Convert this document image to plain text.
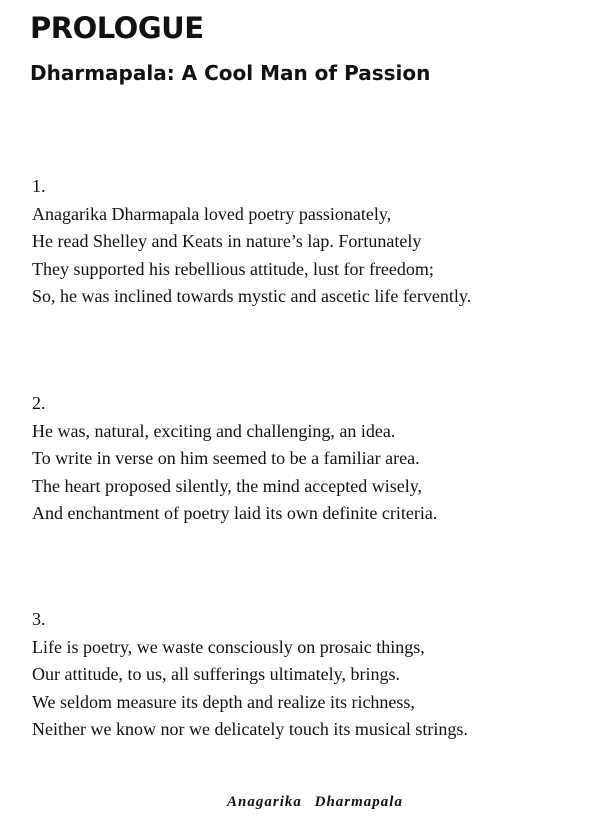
PROLOGUE
Dharmapala: A Cool Man of Passion
1.
Anagarika Dharmapala loved poetry passionately,
He read Shelley and Keats in nature’s lap. Fortunately
They supported his rebellious attitude, lust for freedom;
So, he was inclined towards mystic and ascetic life fervently.
2.
He was, natural, exciting and challenging, an idea.
To write in verse on him seemed to be a familiar area.
The heart proposed silently, the mind accepted wisely,
And enchantment of poetry laid its own definite criteria.
3.
Life is poetry, we waste consciously on prosaic things,
Our attitude, to us, all sufferings ultimately, brings.
We seldom measure its depth and realize its richness,
Neither we know nor we delicately touch its musical strings.
Anagarika Dharmapala
